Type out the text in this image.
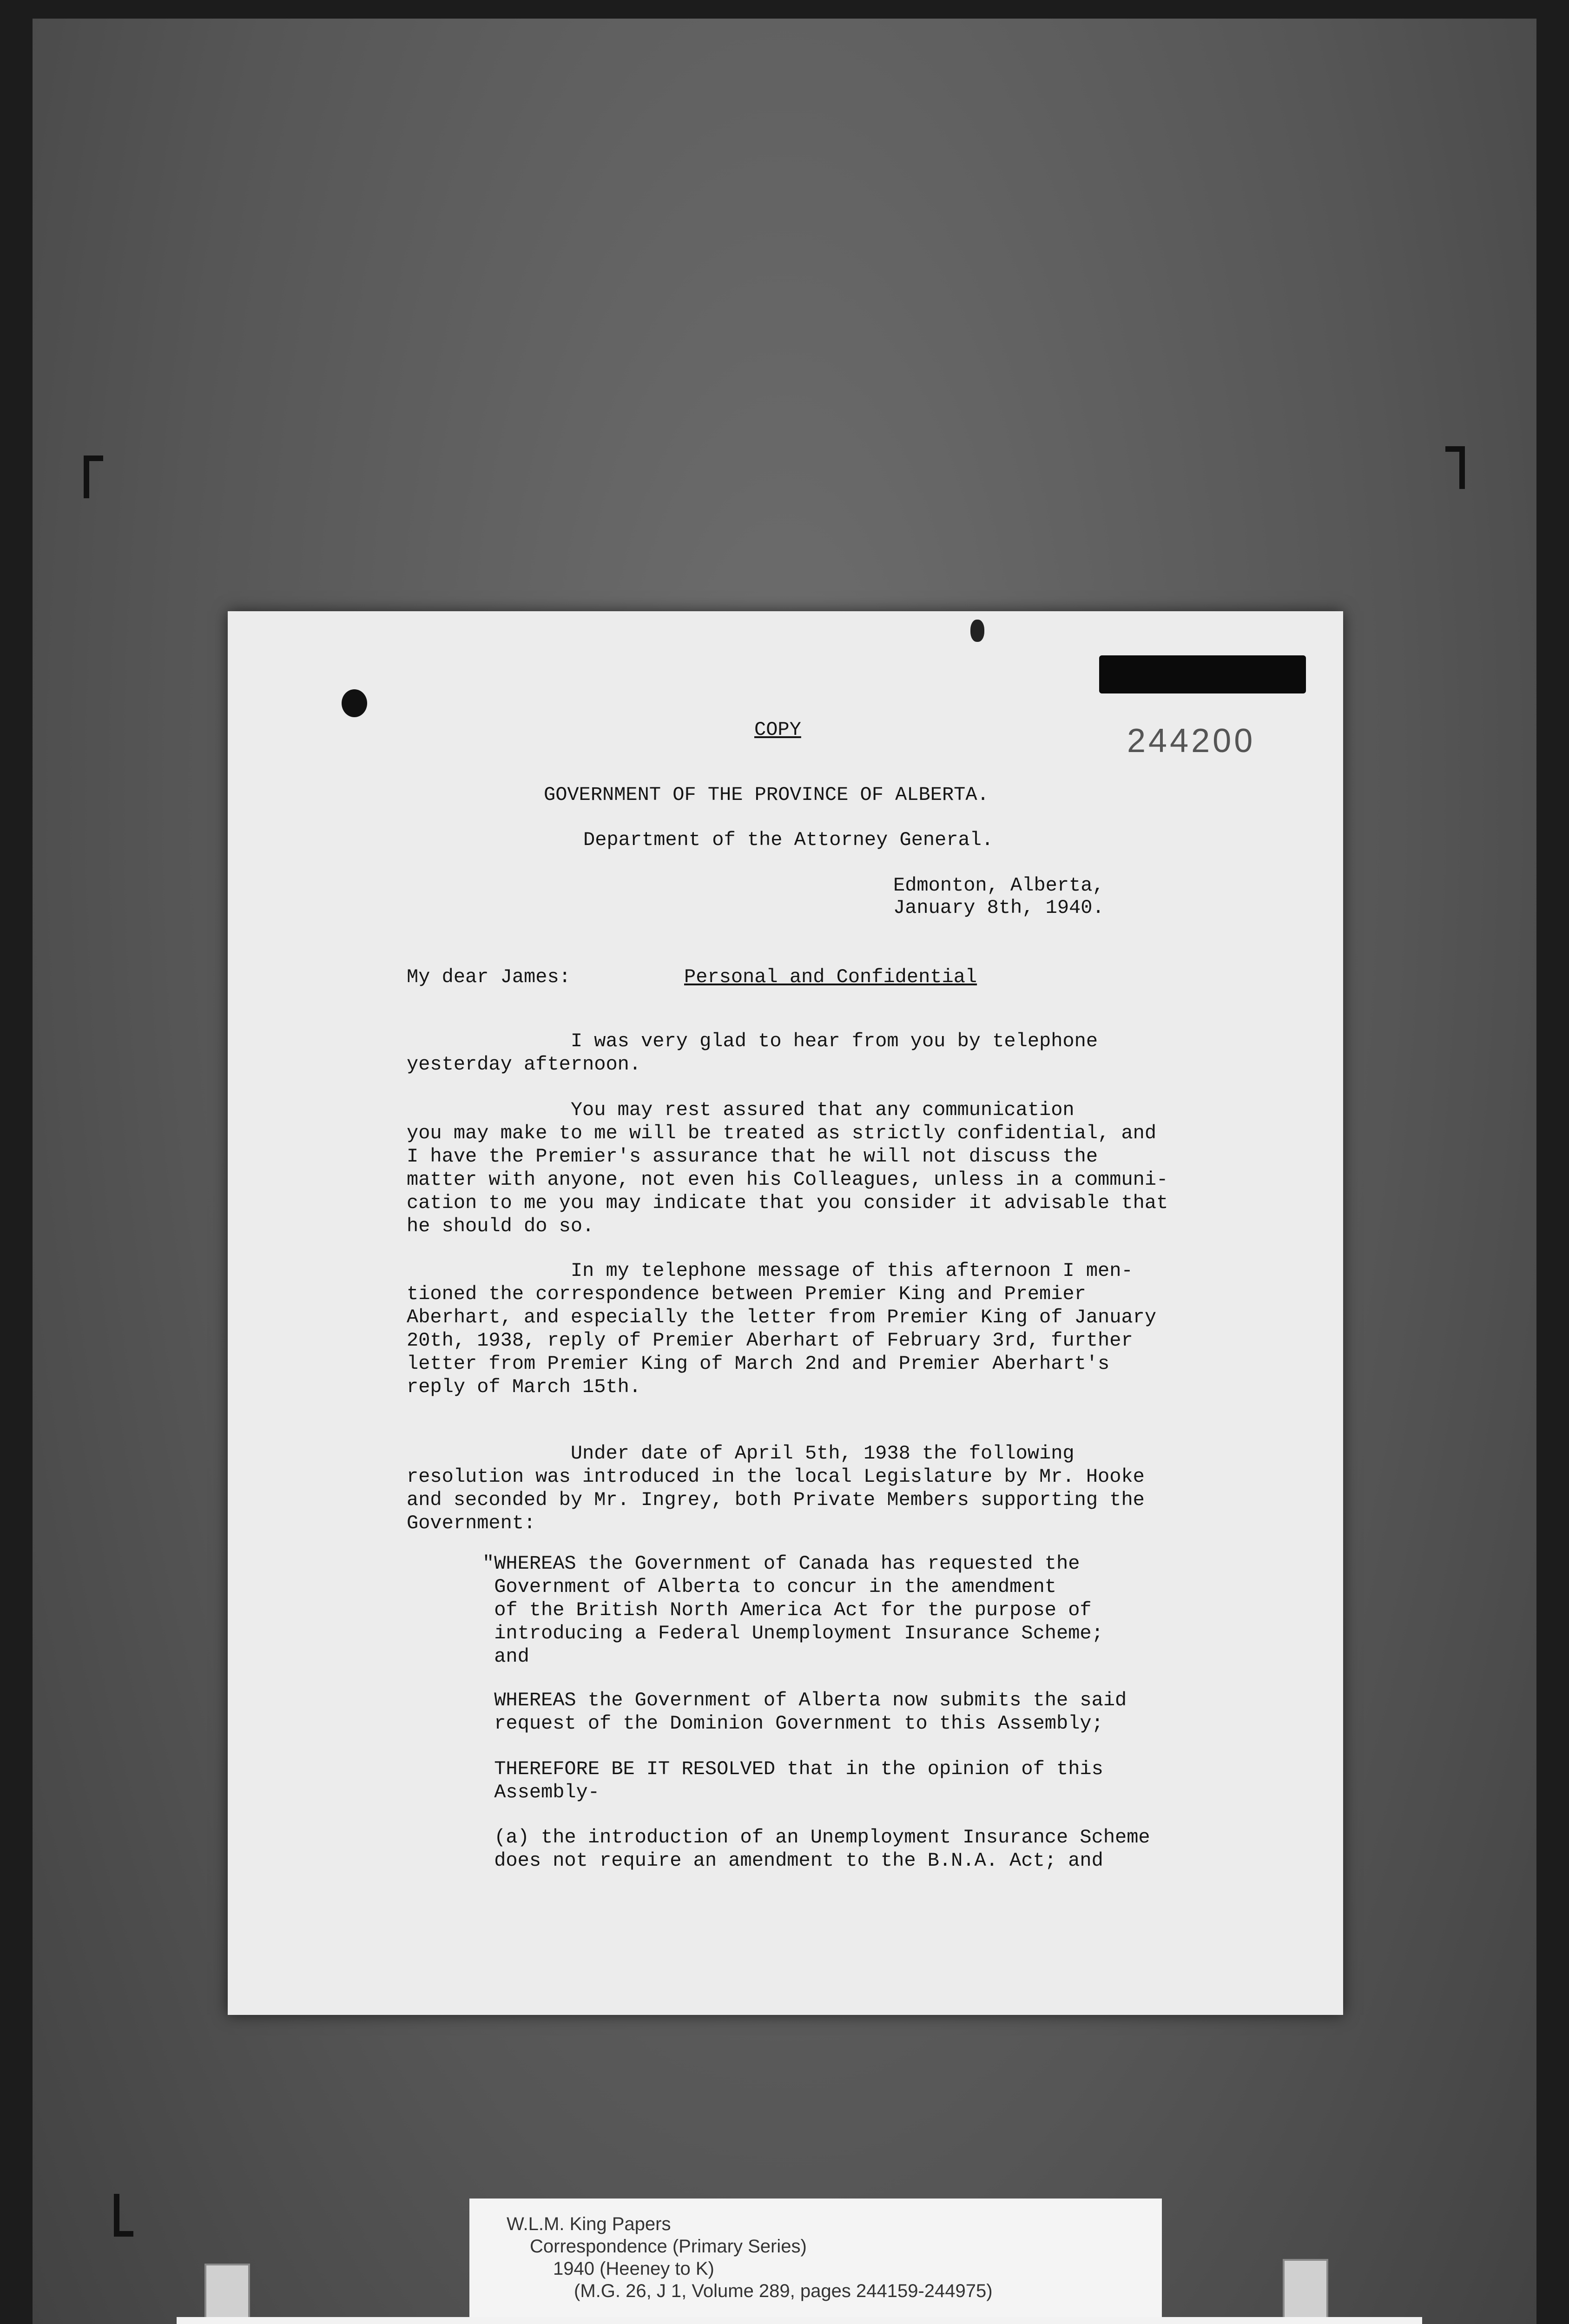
244200
COPY
GOVERNMENT OF THE PROVINCE OF ALBERTA.
Department of the Attorney General.
Edmonton, Alberta,
January 8th, 1940.
My dear James:	Personal and Confidential
I was very glad to hear from you by telephone
yesterday afternoon.
You may rest assured that any communication
you may make to me will be treated as strictly confidential, and
I have the Premier's assurance that he will not discuss the
matter with anyone, not even his Colleagues, unless in a communi-
cation to me you may indicate that you consider it advisable that
he should do so.
In my telephone message of this afternoon I men-
tioned the correspondence between Premier King and Premier
Aberhart, and especially the letter from Premier King of January
20th, 1938, reply of Premier Aberhart of February 3rd, further
letter from Premier King of March 2nd and Premier Aberhart's
reply of March 15th.
Under date of April 5th, 1938 the following
resolution was introduced in the local Legislature by Mr. Hooke
and seconded by Mr. Ingrey, both Private Members supporting the
Government:
"WHEREAS the Government of Canada has requested the
Government of Alberta to concur in the amendment
of the British North America Act for the purpose of
introducing a Federal Unemployment Insurance Scheme;
and
WHEREAS the Government of Alberta now submits the said
request of the Dominion Government to this Assembly;
THEREFORE BE IT RESOLVED that in the opinion of this
Assembly-
(a) the introduction of an Unemployment Insurance Scheme
does not require an amendment to the B.N.A. Act; and
W.L.M. King Papers
Correspondence (Primary Series)
1940 (Heeney to K)
(M.G. 26, J 1, Volume 289, pages 244159-244975)
